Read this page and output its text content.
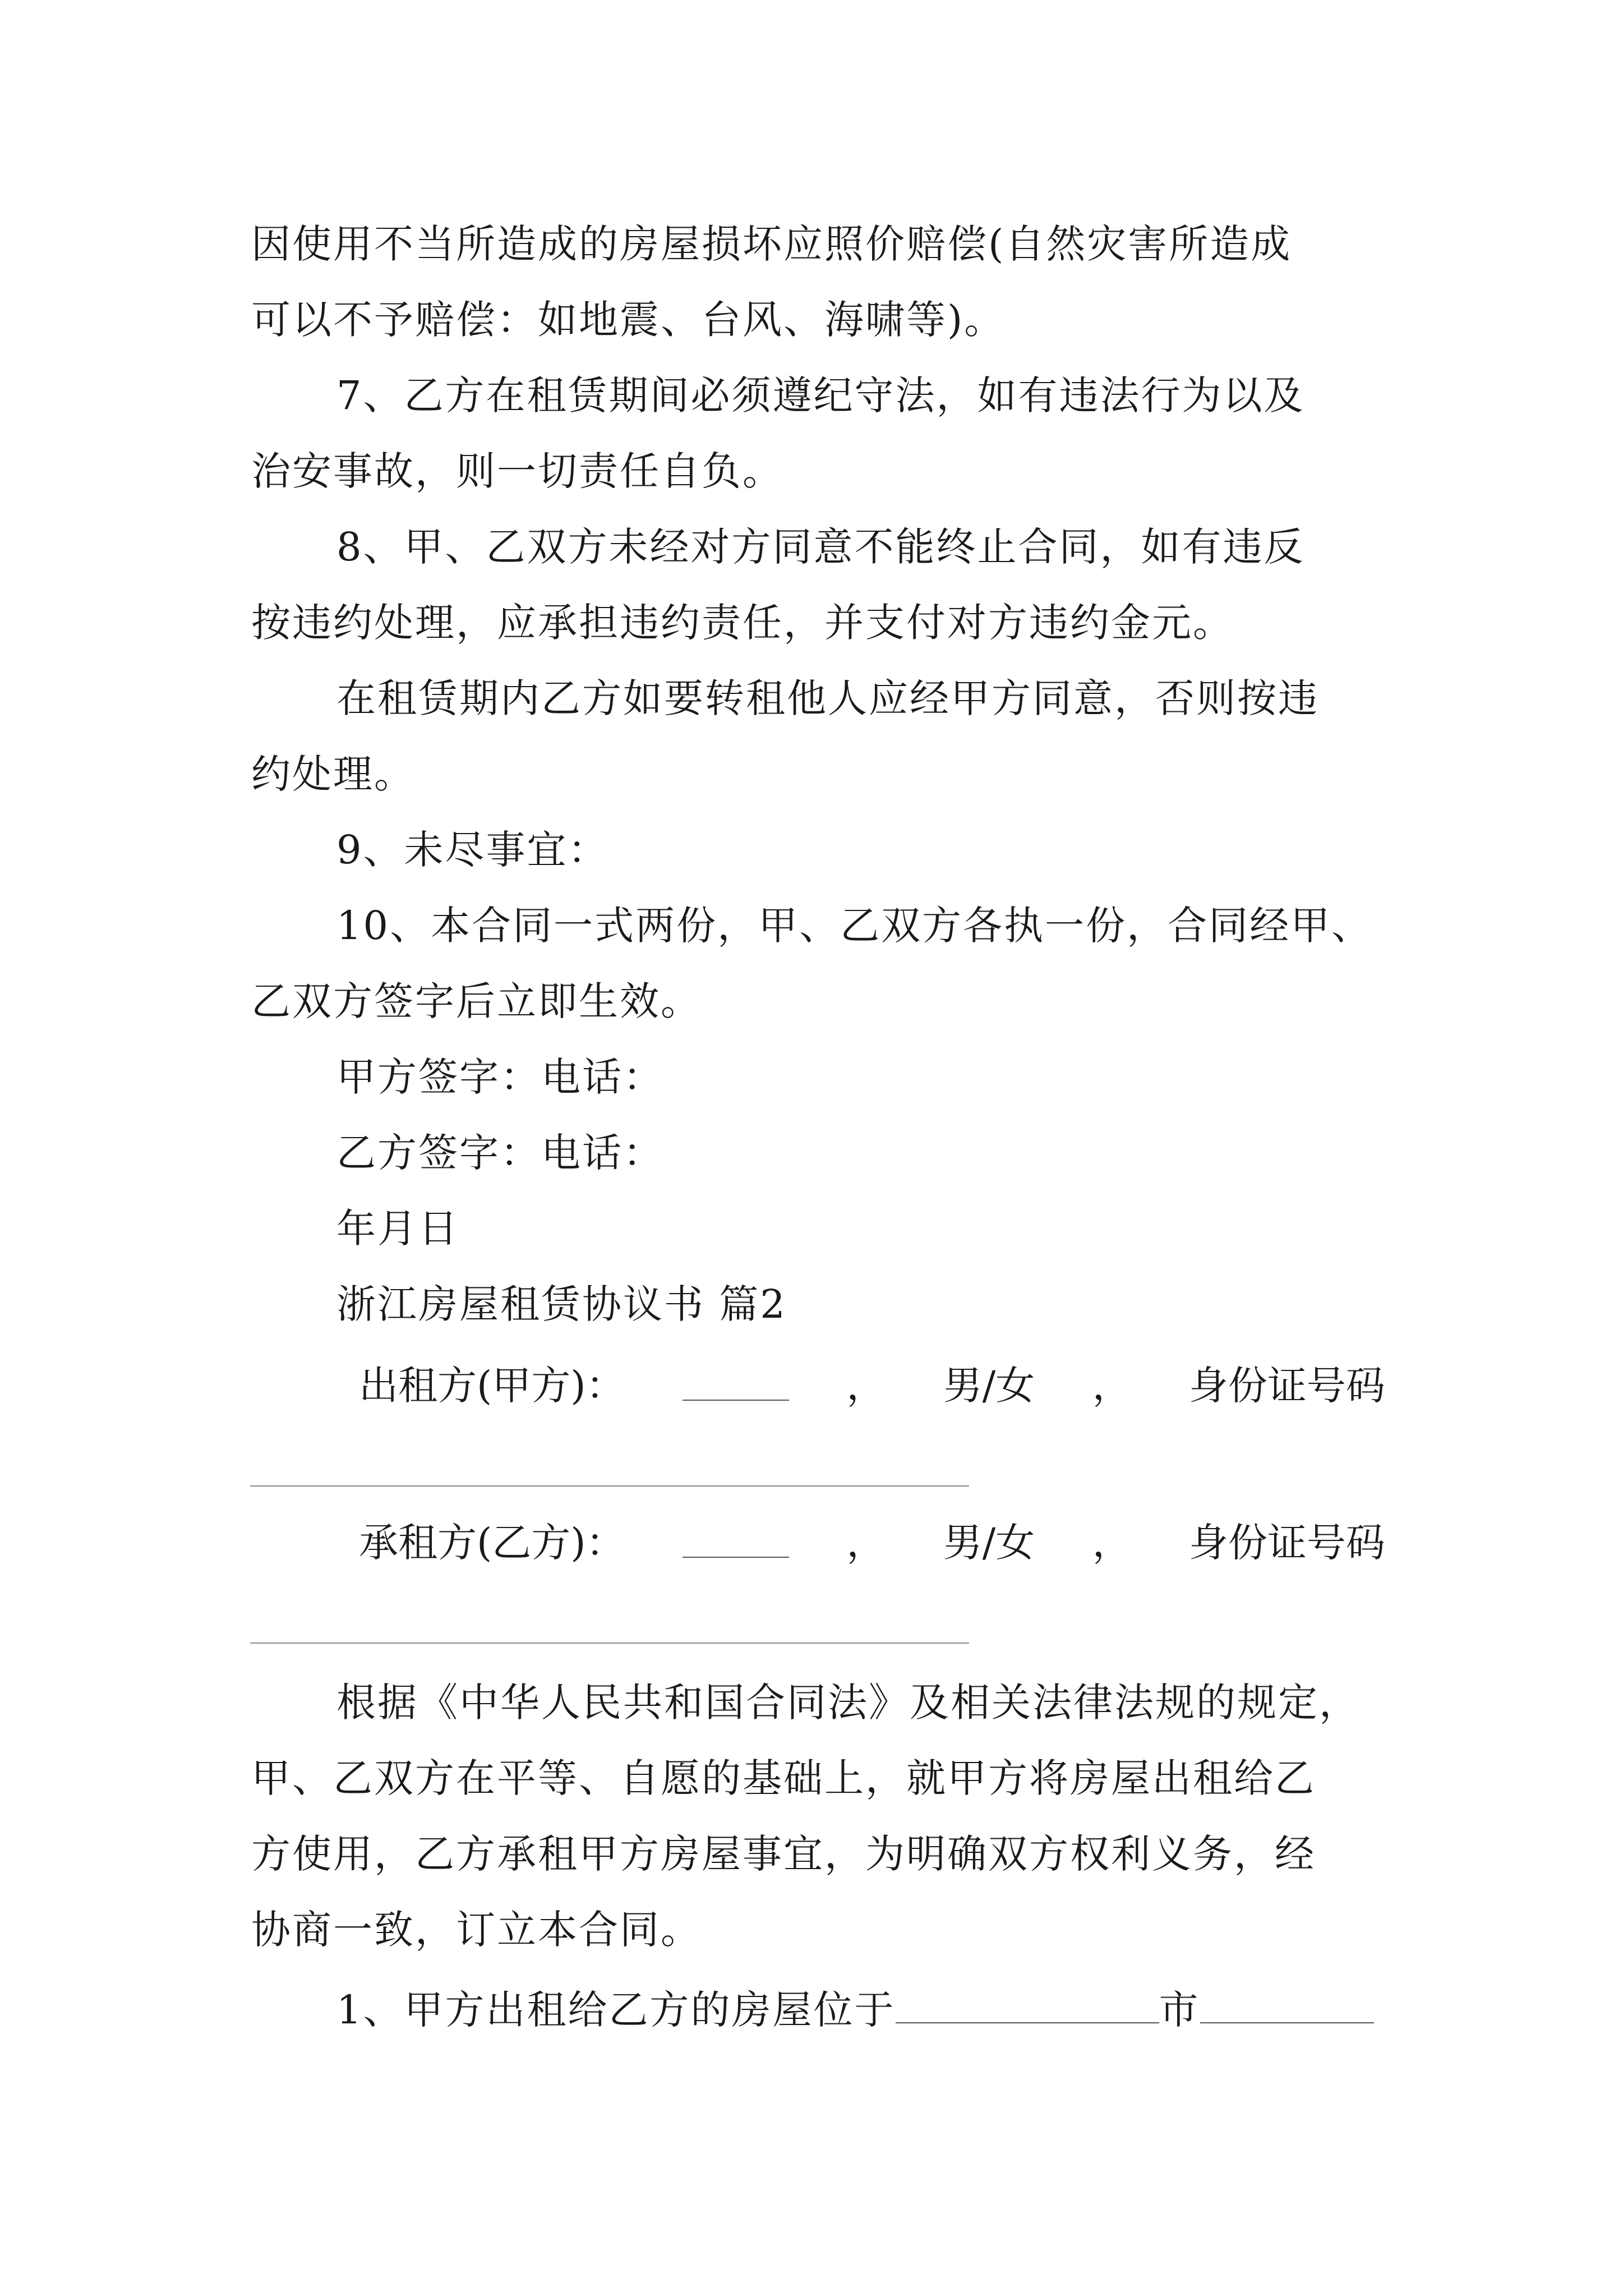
因使用不当所造成的房屋损坏应照价赔偿(自然灾害所造成
可以不予赔偿：如地震、台风、海啸等)。
7、乙方在租赁期间必须遵纪守法，如有违法行为以及
治安事故，则一切责任自负。
8、甲、乙双方未经对方同意不能终止合同，如有违反
按违约处理，应承担违约责任，并支付对方违约金元。
在租赁期内乙方如要转租他人应经甲方同意，否则按违
约处理。
9、未尽事宜：
10、本合同一式两份，甲、乙双方各执一份，合同经甲、
乙双方签字后立即生效。
甲方签字：电话：
乙方签字：电话：
年月日
浙江房屋租赁协议书 篇2
出租方(甲方)：	， 男/女 ， 身份证号码
承租方(乙方)：	， 男/女 ， 身份证号码
根据《中华人民共和国合同法》及相关法律法规的规定，
甲、乙双方在平等、自愿的基础上，就甲方将房屋出租给乙
方使用，乙方承租甲方房屋事宜，为明确双方权利义务，经
协商一致，订立本合同。
1、甲方出租给乙方的房屋位于	市
